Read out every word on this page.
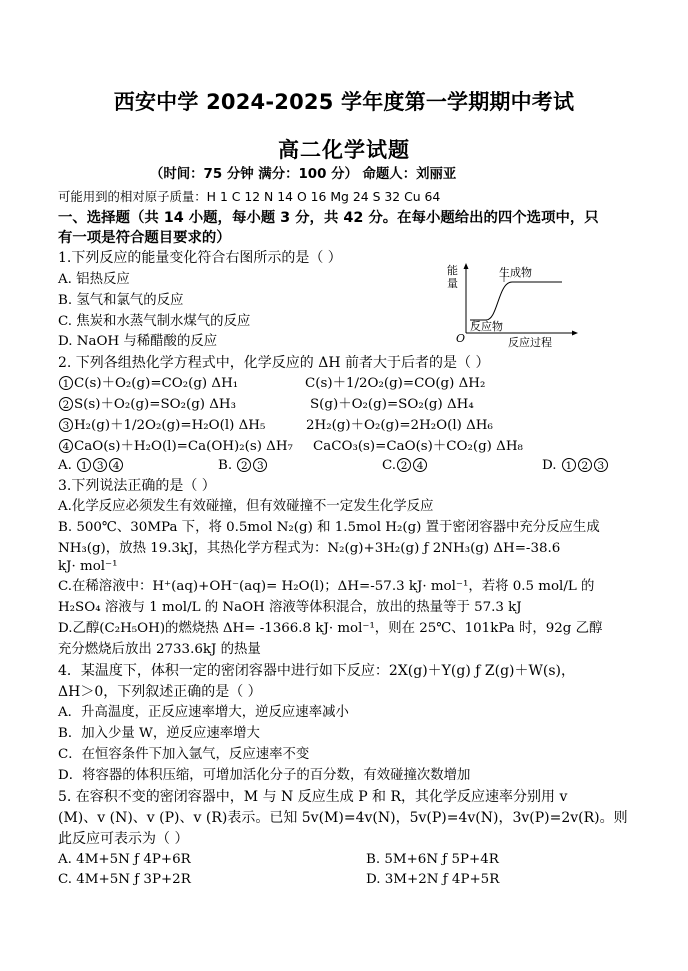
西安中学 2024-2025 学年度第一学期期中考试
高二化学试题
（时间：75 分钟 满分：100 分） 命题人：刘丽亚
可能用到的相对原子质量：H 1 C 12 N 14 O 16 Mg 24 S 32 Cu 64
一、选择题（共 14 小题，每小题 3 分，共 42 分。在每小题给出的四个选项中，只
有一项是符合题目要求的）
1.下列反应的能量变化符合右图所示的是（ ）
A. 铝热反应
B. 氢气和氯气的反应
C. 焦炭和水蒸气制水煤气的反应
D. NaOH 与稀醋酸的反应
能
量
O
生成物
反应物
反应过程
2. 下列各组热化学方程式中，化学反应的 ΔH 前者大于后者的是（ ）
1 C(s)＋O₂(g)=CO₂(g) ΔH₁	C(s)＋1/2O₂(g)=CO(g) ΔH₂
2 S(s)＋O₂(g)=SO₂(g) ΔH₃	S(g)＋O₂(g)=SO₂(g) ΔH₄
3 H₂(g)＋1/2O₂(g)=H₂O(l) ΔH₅	2H₂(g)＋O₂(g)=2H₂O(l) ΔH₆
4 CaO(s)＋H₂O(l)=Ca(OH)₂(s) ΔH₇ CaCO₃(s)=CaO(s)＋CO₂(g) ΔH₈
A. 1 3 4	B. 2 3	C. 2 4	D. 1 2 3
3.下列说法正确的是（ ）
A.化学反应必须发生有效碰撞，但有效碰撞不一定发生化学反应
B. 500℃、30MPa 下，将 0.5mol N₂(g) 和 1.5mol H₂(g) 置于密闭容器中充分反应生成
NH₃(g)，放热 19.3kJ，其热化学方程式为：N₂(g)+3H₂(g) ƒ 2NH₃(g) ΔH=-38.6
kJ· mol⁻¹
C.在稀溶液中：H⁺(aq)+OH⁻(aq)= H₂O(l)；ΔH=-57.3 kJ· mol⁻¹，若将 0.5 mol/L 的
H₂SO₄ 溶液与 1 mol/L 的 NaOH 溶液等体积混合，放出的热量等于 57.3 kJ
D.乙醇(C₂H₅OH)的燃烧热 ΔH= -1366.8 kJ· mol⁻¹，则在 25℃、101kPa 时，92g 乙醇
充分燃烧后放出 2733.6kJ 的热量
4．某温度下，体积一定的密闭容器中进行如下反应：2X(g)＋Y(g) ƒ Z(g)＋W(s)，
ΔH＞0，下列叙述正确的是（ ）
A．升高温度，正反应速率增大，逆反应速率减小
B．加入少量 W，逆反应速率增大
C．在恒容条件下加入氩气，反应速率不变
D．将容器的体积压缩，可增加活化分子的百分数，有效碰撞次数增加
5. 在容积不变的密闭容器中，M 与 N 反应生成 P 和 R，其化学反应速率分别用 v
(M)、v (N)、v (P)、v (R)表示。已知 5v(M)=4v(N)，5v(P)=4v(N)，3v(P)=2v(R)。则
此反应可表示为（ ）
A. 4M+5N ƒ 4P+6R	B. 5M+6N ƒ 5P+4R
C. 4M+5N ƒ 3P+2R	D. 3M+2N ƒ 4P+5R
